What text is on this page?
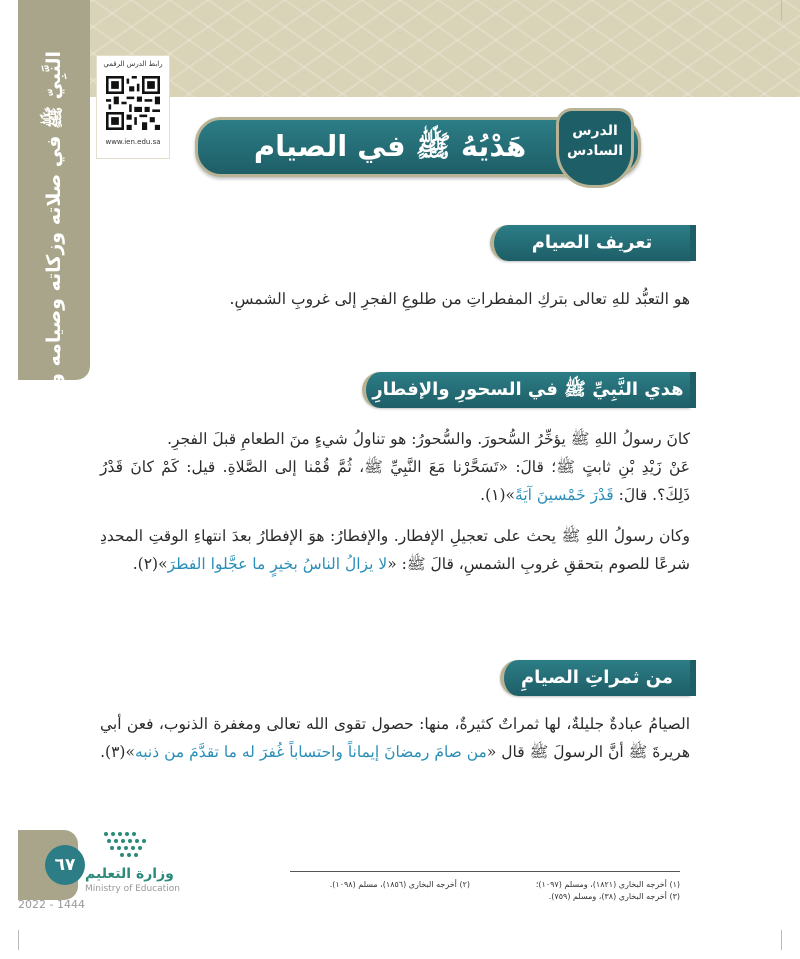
النَّبِيّ ﷺ في صلاته وزكاته وصيامه وحجه	رابط الدرس الرقمي
www.ien.edu.sa	هَدْيُهُ ﷺ في الصيام	الدرس
السادس
تعريف الصيام
هو التعبُّد للهِ تعالى بتركِ المفطراتِ من طلوعِ الفجرِ إلى غروبِ الشمسِ.
هدي النَّبِيِّ ﷺ في السحورِ والإفطارِ
كانَ رسولُ اللهِ ﷺ يؤخِّرُ السُّحورَ. والسُّحورُ: هو تناولُ شيءٍ منَ الطعامِ قبلَ الفجرِ.
عَنْ زَيْدِ بْنِ ثابتٍ ﷺ؛ قالَ: «تَسَحَّرْنا مَعَ النَّبِيِّ ﷺ، ثُمَّ قُمْنا إلى الصَّلاةِ. قيل: كَمْ كانَ قَدْرُ ذَلِكَ؟. قالَ: قَدْرَ خَمْسينَ آيَةً»(١).
وكان رسولُ اللهِ ﷺ يحث على تعجيلِ الإفطار. والإفطارُ: هوَ الإفطارُ بعدَ انتهاءِ الوقتِ المحددِ شرعًا للصوم بتحققِ غروبِ الشمسِ، قالَ ﷺ: «لا يزالُ الناسُ بخيرٍ ما عجَّلوا الفطرَ»(٢).
من ثمراتِ الصيامِ
الصيامُ عبادةٌ جليلةٌ، لها ثمراتٌ كثيرةٌ، منها: حصول تقوى الله تعالى ومغفرة الذنوب، فعن أبي هريرةَ ﷺ أنَّ الرسولَ ﷺ قال «من صامَ رمضانَ إيماناً واحتساباً غُفرَ له ما تقدَّمَ من ذنبه»(٣).
(١) أخرجه البخاري (١٨٢١)، ومسلم (١٠٩٧)؛
(٢) أخرجه البخاري (١٨٥٦)، مسلم (١٠٩٨).
(٣) أخرجه البخاري (٣٨)، ومسلم (٧٥٩).
٦٧ وزارة التعليم
Ministry of Education
2022 - 1444
